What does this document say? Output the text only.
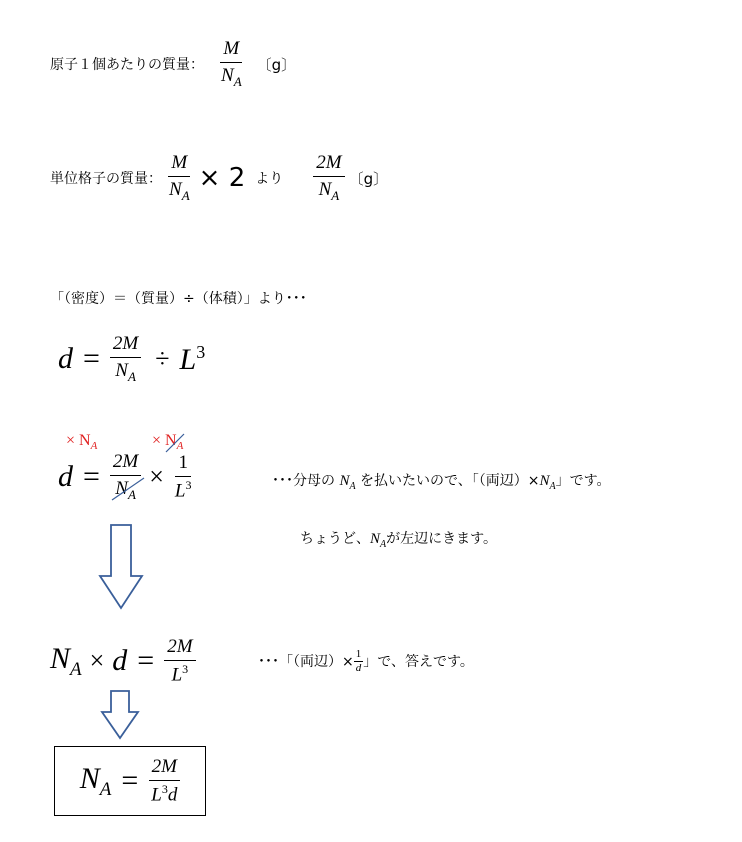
原子１個あたりの質量： $\frac{M}{N_A}$ 〔g〕
単位格子の質量： $\frac{M}{N_A} \times 2$ より $\frac{2M}{N_A}$ 〔g〕
「（密度）＝（質量）÷（体積）」より･･･
$d = \frac{2M}{N_A} \div L^3$
× $N_A$	× $N_A$
$d = \frac{2M}{N_A} \times \frac{1}{L^3}$	･･･分母の $N_A$ を払いたいので、「（両辺）$\times N_A$」です。
ちょうど、$N_A$が左辺にきます。
$N_A \times d = \frac{2M}{L^3}$	･･･「（両辺）× $\frac{1}{d}$ 」で、答えです。
$N_A = \frac{2M}{L^3d}$
